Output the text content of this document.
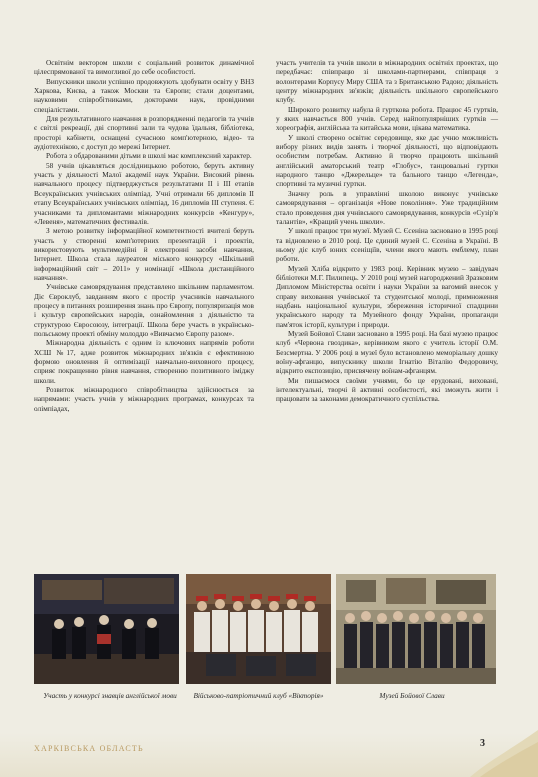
Освітнім вектором школи є соціальний розвиток динамічної цілеспрямованої та вимогливої до себе особистості.

Випускники школи успішно продовжують здобувати освіту у ВНЗ Харкова, Києва, а також Москви та Європи; стали доцентами, науковими співробітниками, докторами наук, провідними спеціалістами.

Для результативного навчання в розпорядженні педагогів та учнів є світлі рекреації, дві спортивні зали та чудова їдальня, бібліотека, просторі кабінети, оснащені сучасною комп'ютерною, відео- та аудіотехнікою, є доступ до мережі Інтернет.

Робота з обдарованими дітьми в школі має комплексний характер.

58 учнів цікавляться дослідницькою роботою, беруть активну участь у діяльності Малої академії наук України. Високий рівень навчального процесу підтверджується результатами II і III етапів Всеукраїнських учнівських олімпіад. Учні отримали 66 дипломів II етапу Всеукраїнських учнівських олімпіад, 16 дипломів III ступеня. Є учасниками та дипломантами міжнародних конкурсів «Кенгуру», «Левеня», математичних фестивалів.

З метою розвитку інформаційної компетентності вчителі беруть участь у створенні комп'ютерних презентацій і проектів, використовують мультимедійні й електронні засоби навчання, Інтернет. Школа стала лауреатом міського конкурсу «Шкільний інформаційний світ – 2011» у номінації «Школа дистанційного навчання».

Учнівське самоврядування представлено шкільним парламентом. Діє Євроклуб, завданням якого є простір учасників навчального процесу в питаннях розширення знань про Європу, популяризація мов і культур європейських народів, ознайомлення з діяльністю та структурою Євросоюзу, інтеграції. Школа бере участь в українсько-польському проекті обміну молоддю «Вивчаємо Європу разом».

Міжнародна діяльність є одним із ключових напрямів роботи ХСШ №17, адже розвиток міжнародних зв'язків є ефективною формою оновлення й оптимізації навчально-виховного процесу, сприяє покращенню рівня навчання, створенню позитивного іміджу школи.

Розвиток міжнародного співробітництва здійснюється за напрямами: участь учнів у міжнародних програмах, конкурсах та олімпіадах,

участь учителів та учнів школи в міжнародних освітніх проектах, що передбачає: співпрацю зі школами-партнерами, співпраця з волонтерами Корпусу Миру США та з Британською Радою; діяльність центру міжнародних зв'язків; діяльність шкільного європейського клубу.

Широкого розвитку набула й гурткова робота. Працює 45 гуртків, у яких навчається 800 учнів. Серед найпопулярніших гуртків — хореографія, англійська та китайська мови, цікава математика.

У школі створено освітнє середовище, яке дає учню можливість вибору різних видів занять і творчої діяльності, що відповідають особистим потребам. Активно й творчо працюють шкільний англійський аматорський театр «Глобус», танцювальні гуртки народного танцю «Джерельце» та бального танцю «Легенда», спортивні та музичні гуртки.

Значну роль в управлінні школою виконує учнівське самоврядування – організація «Нове покоління». Уже традиційним стало проведення дня учнівського самоврядування, конкурсів «Сузір'я талантів», «Кращий учень школи».

У школі працює три музеї. Музей С. Єсеніна засновано в 1995 році та відновлено в 2010 році. Це єдиний музей С. Єсеніна в Україні. В ньому діє клуб юних єсеніщіїв, члени якого мають емблему, план роботи.

Музей Хліба відкрито у 1983 році. Керівник музею – завідувач бібліотеки М.Г. Пилипець. У 2010 році музей нагороджений Зразковим Дипломом Міністерства освіти і науки України за вагомий внесок у справу виховання учнівської та студентської молоді, примноження надбань національної культури, збереження історичної спадщини українського народу та Музейного фонду України, пропаганди пам'яток історії, культури і природи.

Музей Бойової Слави засновано в 1995 році. На базі музею працює клуб «Червона гвоздика», керівником якого є учитель історії О.М. Безсмертна. У 2006 році в музеї було встановлено меморіальну дошку воїну-афганцю, випускнику школи Ігнатію Віталію Федоровичу, відкрито експозицію, присвячену воїнам-афганцям.

Ми пишаємося своїми учнями, бо це ерудовані, виховані, інтелектуальні, творчі й активні особистості, які зможуть жити і працювати за законами демократичного суспільства.

Участь у конкурсі знавців англійської мови	Військово-патріотичний клуб «Вікторія»	Музей Бойової Слави
ХАРКІВСЬКА ОБЛАСТЬ	3
